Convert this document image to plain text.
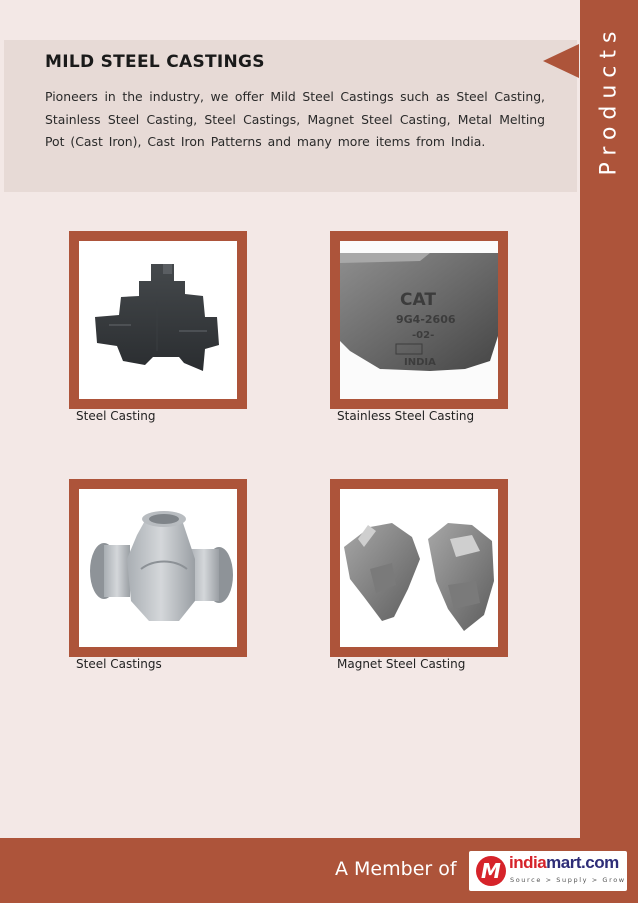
Products
MILD STEEL CASTINGS

Pioneers in the industry, we offer Mild Steel Castings such as Steel Casting, Stainless Steel Casting, Steel Castings, Magnet Steel Casting, Metal Melting Pot (Cast Iron), Cast Iron Patterns and many more items from India.

Steel Casting
CAT
9G4-2606
-02-
INDIA
Stainless Steel Casting
Steel Castings	Magnet Steel Casting
A Member of M indiamart.com
Source > Supply > Grow
